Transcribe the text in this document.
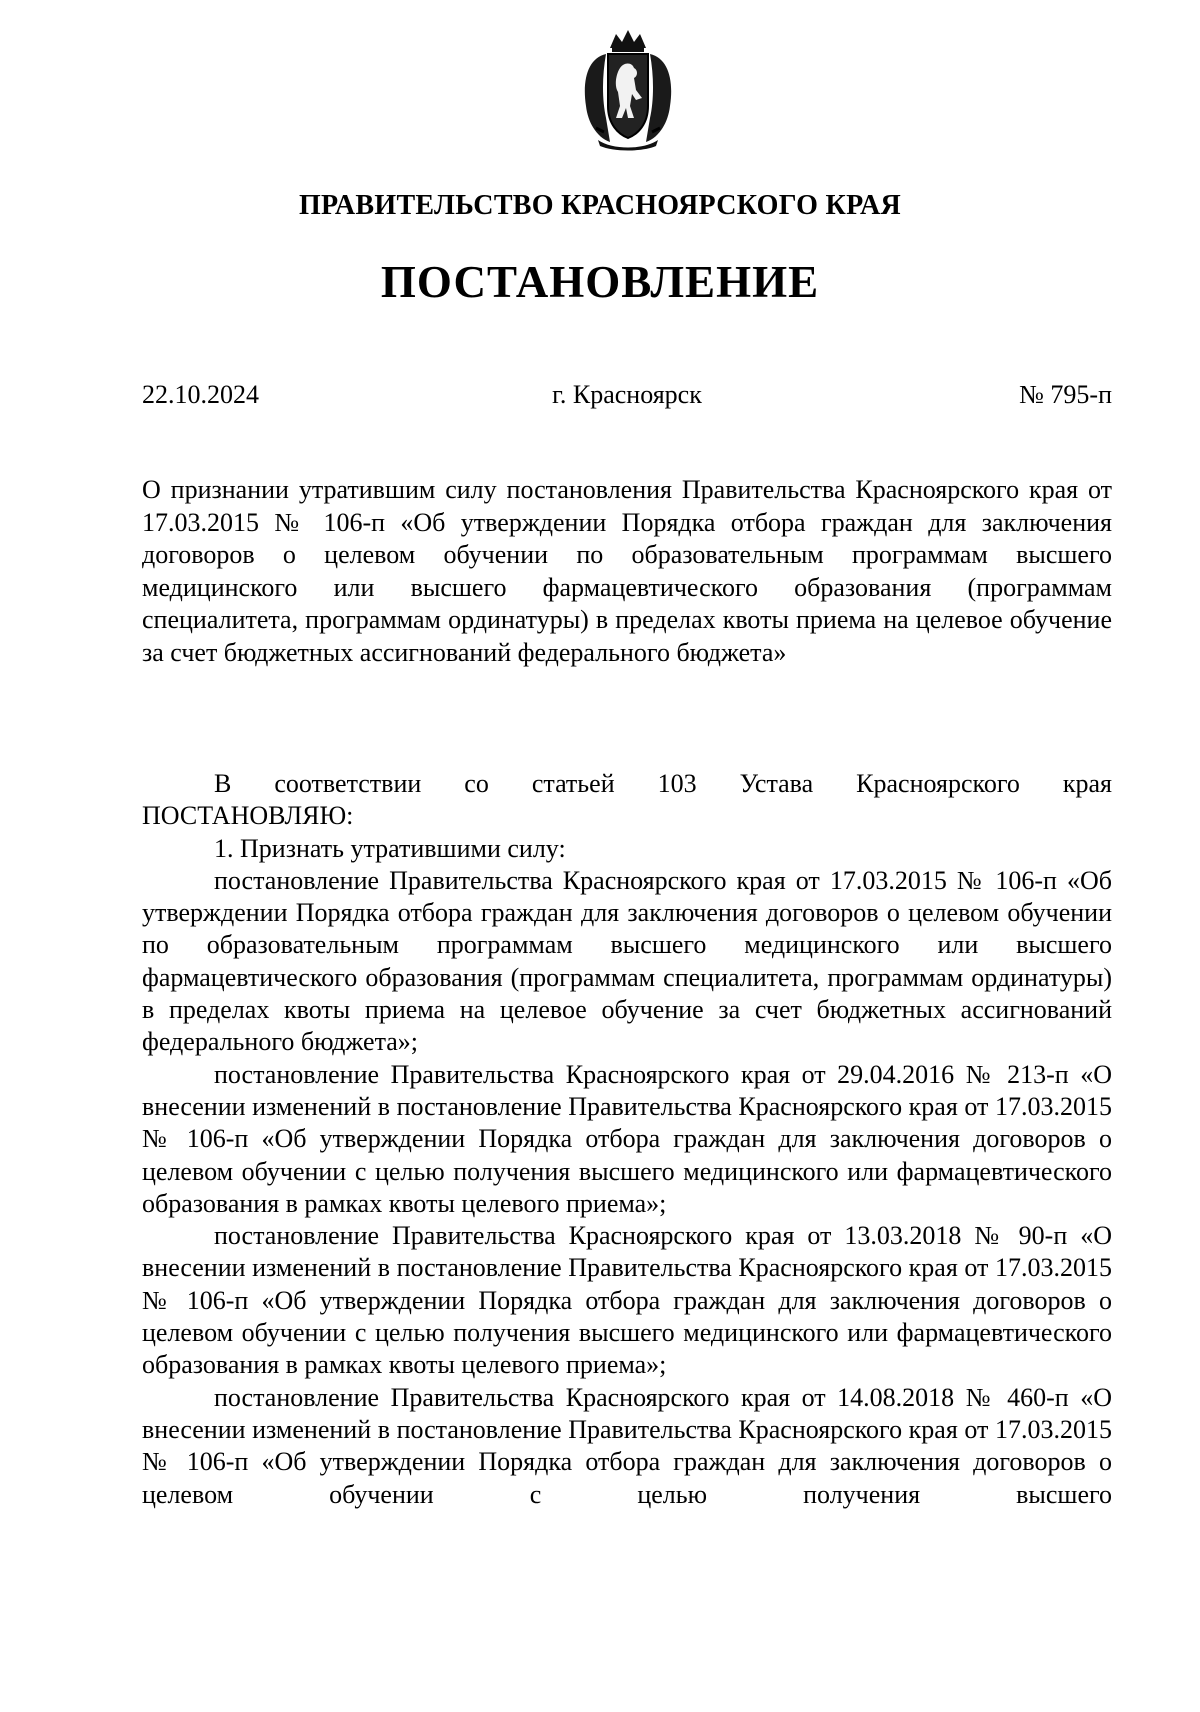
ПРАВИТЕЛЬСТВО КРАСНОЯРСКОГО КРАЯ
ПОСТАНОВЛЕНИЕ
22.10.2024	г. Красноярск	№ 795-п
О признании утратившим силу постановления Правительства Красноярского края от 17.03.2015 № 106-п «Об утверждении Порядка отбора граждан для заключения договоров о целевом обучении по образовательным программам высшего медицинского или высшего фармацевтического образования (программам специалитета, программам ординатуры) в пределах квоты приема на целевое обучение за счет бюджетных ассигнований федерального бюджета»

В соответствии со статьей 103 Устава Красноярского края

ПОСТАНОВЛЯЮ:

1. Признать утратившими силу:

постановление Правительства Красноярского края от 17.03.2015 № 106-п «Об утверждении Порядка отбора граждан для заключения договоров о целевом обучении по образовательным программам высшего медицинского или высшего фармацевтического образования (программам специалитета, программам ординатуры) в пределах квоты приема на целевое обучение за счет бюджетных ассигнований федерального бюджета»;

постановление Правительства Красноярского края от 29.04.2016 № 213-п «О внесении изменений в постановление Правительства Красноярского края от 17.03.2015 № 106-п «Об утверждении Порядка отбора граждан для заключения договоров о целевом обучении с целью получения высшего медицинского или фармацевтического образования в рамках квоты целевого приема»;

постановление Правительства Красноярского края от 13.03.2018 № 90-п «О внесении изменений в постановление Правительства Красноярского края от 17.03.2015 № 106-п «Об утверждении Порядка отбора граждан для заключения договоров о целевом обучении с целью получения высшего медицинского или фармацевтического образования в рамках квоты целевого приема»;

постановление Правительства Красноярского края от 14.08.2018 № 460-п «О внесении изменений в постановление Правительства Красноярского края от 17.03.2015 № 106-п «Об утверждении Порядка отбора граждан для заключения договоров о целевом обучении с целью получения высшего
